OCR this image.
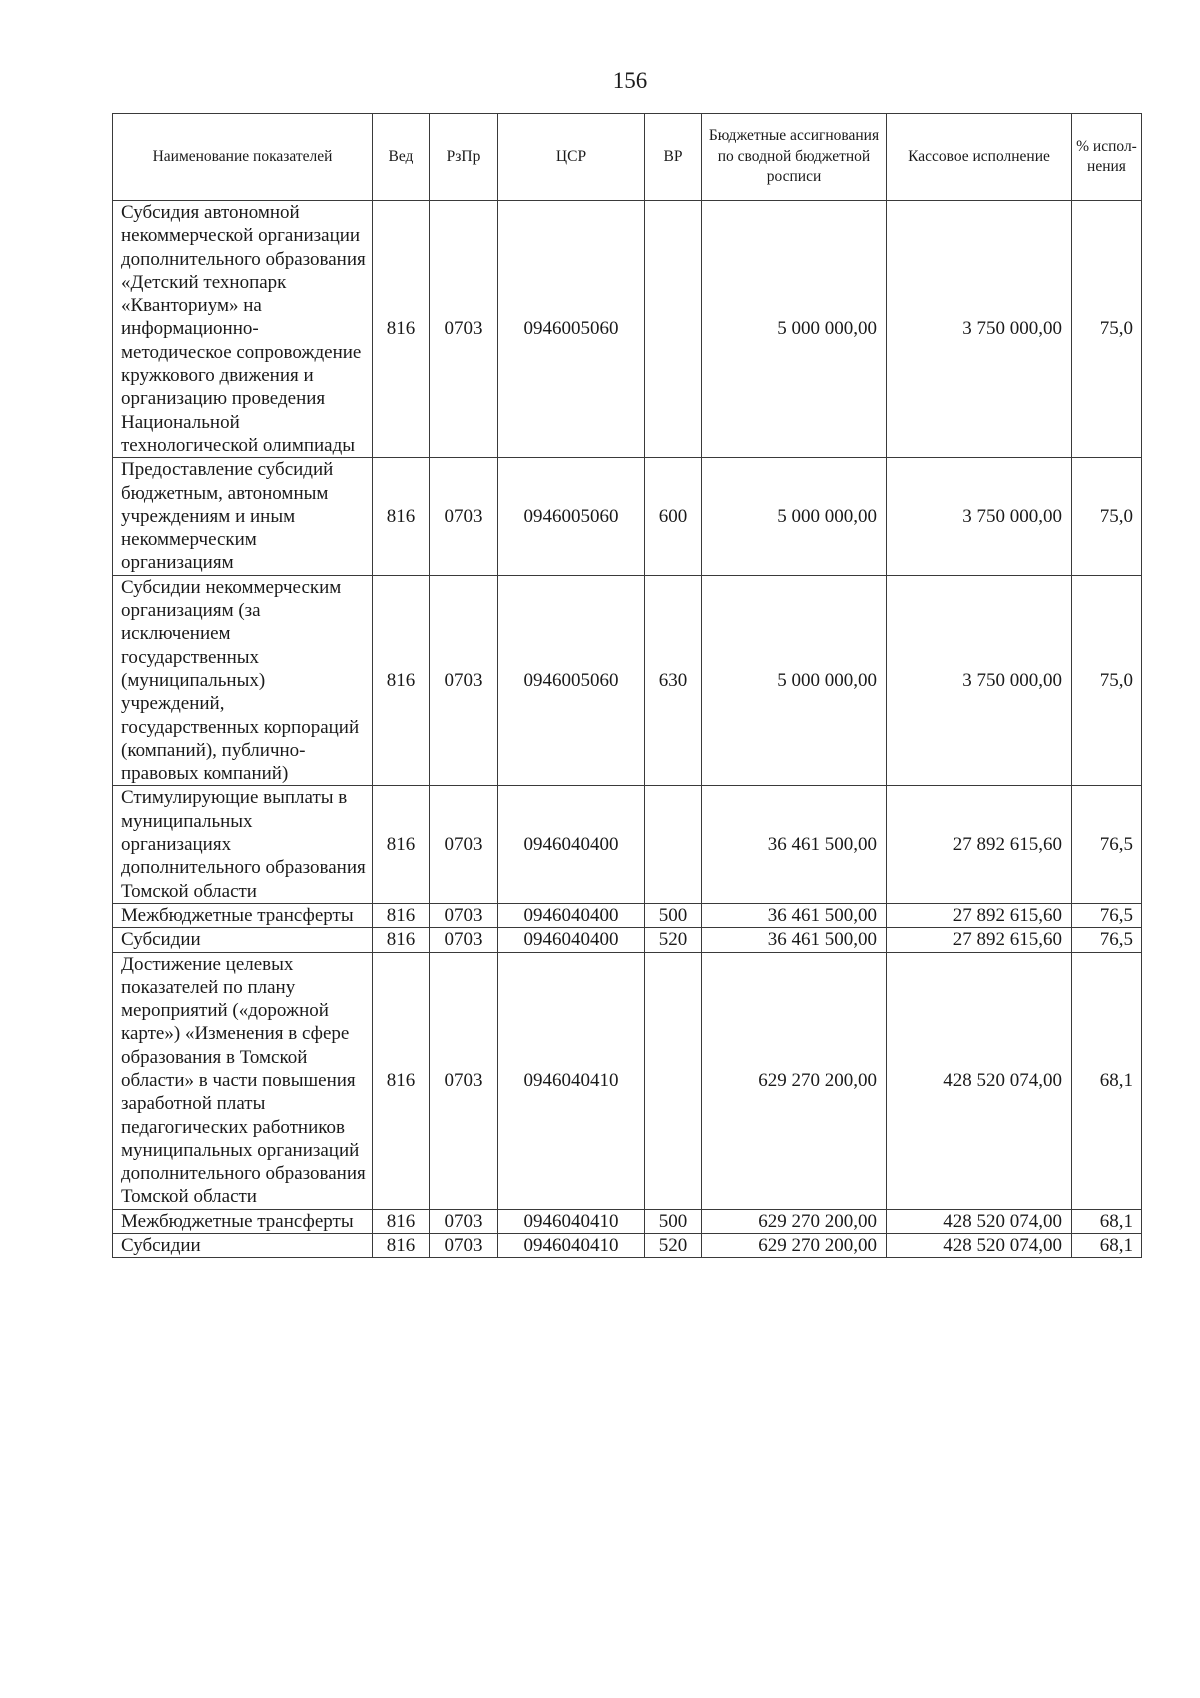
156
Наименование показателей	Вед	РзПр	ЦСР	ВР	Бюджетные ассигнования по сводной бюджетной росписи	Кассовое исполнение	% испол-нения
Субсидия автономной некоммерческой организации дополнительного образования «Детский технопарк «Кванториум» на информационно-методическое сопровождение кружкового движения и организацию проведения Национальной технологической олимпиады	816	0703	0946005060		5 000 000,00	3 750 000,00	75,0
Предоставление субсидий бюджетным, автономным учреждениям и иным некоммерческим организациям	816	0703	0946005060	600	5 000 000,00	3 750 000,00	75,0
Субсидии некоммерческим организациям (за исключением государственных (муниципальных) учреждений, государственных корпораций (компаний), публично-правовых компаний)	816	0703	0946005060	630	5 000 000,00	3 750 000,00	75,0
Стимулирующие выплаты в муниципальных организациях дополнительного образования Томской области	816	0703	0946040400		36 461 500,00	27 892 615,60	76,5
Межбюджетные трансферты	816	0703	0946040400	500	36 461 500,00	27 892 615,60	76,5
Субсидии	816	0703	0946040400	520	36 461 500,00	27 892 615,60	76,5
Достижение целевых показателей по плану мероприятий («дорожной карте») «Изменения в сфере образования в Томской области» в части повышения заработной платы педагогических работников муниципальных организаций дополнительного образования Томской области	816	0703	0946040410		629 270 200,00	428 520 074,00	68,1
Межбюджетные трансферты	816	0703	0946040410	500	629 270 200,00	428 520 074,00	68,1
Субсидии	816	0703	0946040410	520	629 270 200,00	428 520 074,00	68,1
